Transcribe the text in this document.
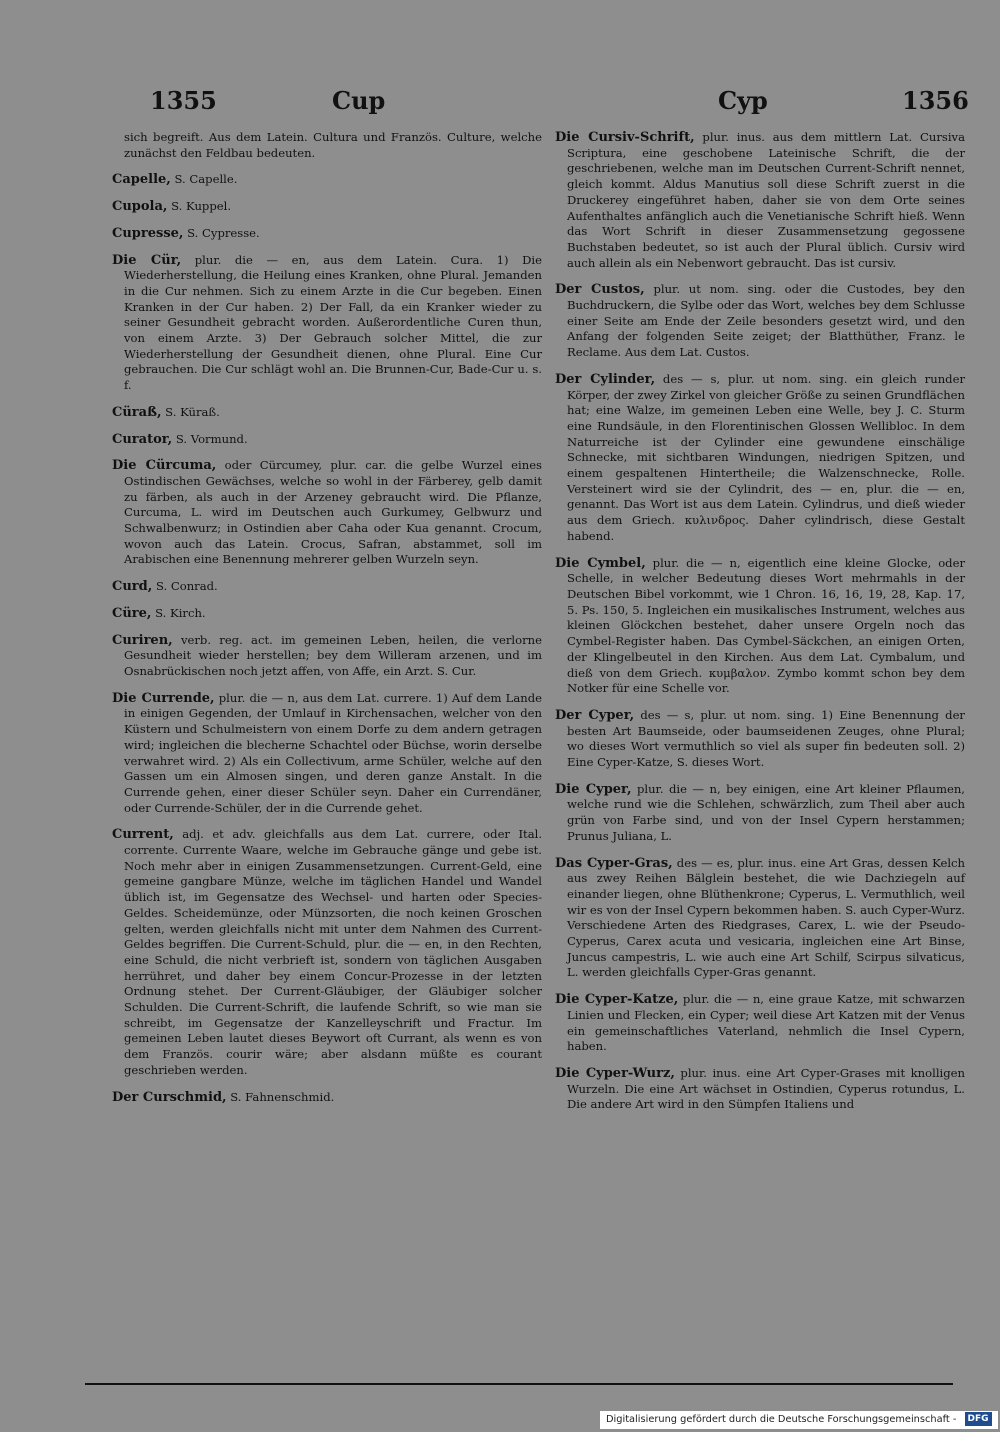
1355	Cup	Cyp	1356

sich begreift. Aus dem Latein. Cultura und Französ. Culture, welche zunächst den Feldbau bedeuten.

Capelle, S. Capelle.

Cupola, S. Kuppel.

Cupresse, S. Cypresse.

Die Cür, plur. die — en, aus dem Latein. Cura. 1) Die Wiederherstellung, die Heilung eines Kranken, ohne Plural. Jemanden in die Cur nehmen. Sich zu einem Arzte in die Cur begeben. Einen Kranken in der Cur haben. 2) Der Fall, da ein Kranker wieder zu seiner Gesundheit gebracht worden. Außerordentliche Curen thun, von einem Arzte. 3) Der Gebrauch solcher Mittel, die zur Wiederherstellung der Gesundheit dienen, ohne Plural. Eine Cur gebrauchen. Die Cur schlägt wohl an. Die Brunnen-Cur, Bade-Cur u. s. f.

Cüraß, S. Küraß.

Curator, S. Vormund.

Die Cürcuma, oder Cürcumey, plur. car. die gelbe Wurzel eines Ostindischen Gewächses, welche so wohl in der Färberey, gelb damit zu färben, als auch in der Arzeney gebraucht wird. Die Pflanze, Curcuma, L. wird im Deutschen auch Gurkumey, Gelbwurz und Schwalbenwurz; in Ostindien aber Caha oder Kua genannt. Crocum, wovon auch das Latein. Crocus, Safran, abstammet, soll im Arabischen eine Benennung mehrerer gelben Wurzeln seyn.

Curd, S. Conrad.

Cüre, S. Kirch.

Curiren, verb. reg. act. im gemeinen Leben, heilen, die verlorne Gesundheit wieder herstellen; bey dem Willeram arzenen, und im Osnabrückischen noch jetzt affen, von Affe, ein Arzt. S. Cur.

Die Currende, plur. die — n, aus dem Lat. currere. 1) Auf dem Lande in einigen Gegenden, der Umlauf in Kirchensachen, welcher von den Küstern und Schulmeistern von einem Dorfe zu dem andern getragen wird; ingleichen die blecherne Schachtel oder Büchse, worin derselbe verwahret wird. 2) Als ein Collectivum, arme Schüler, welche auf den Gassen um ein Almosen singen, und deren ganze Anstalt. In die Currende gehen, einer dieser Schüler seyn. Daher ein Currendäner, oder Currende-Schüler, der in die Currende gehet.

Current, adj. et adv. gleichfalls aus dem Lat. currere, oder Ital. corrente. Currente Waare, welche im Gebrauche gänge und gebe ist. Noch mehr aber in einigen Zusammensetzungen. Current-Geld, eine gemeine gangbare Münze, welche im täglichen Handel und Wandel üblich ist, im Gegensatze des Wechsel- und harten oder Species-Geldes. Scheidemünze, oder Münzsorten, die noch keinen Groschen gelten, werden gleichfalls nicht mit unter dem Nahmen des Current-Geldes begriffen. Die Current-Schuld, plur. die — en, in den Rechten, eine Schuld, die nicht verbrieft ist, sondern von täglichen Ausgaben herrühret, und daher bey einem Concur-Prozesse in der letzten Ordnung stehet. Der Current-Gläubiger, der Gläubiger solcher Schulden. Die Current-Schrift, die laufende Schrift, so wie man sie schreibt, im Gegensatze der Kanzelleyschrift und Fractur. Im gemeinen Leben lautet dieses Beywort oft Currant, als wenn es von dem Französ. courir wäre; aber alsdann müßte es courant geschrieben werden.

Der Curschmid, S. Fahnenschmid.

Die Cursiv-Schrift, plur. inus. aus dem mittlern Lat. Cursiva Scriptura, eine geschobene Lateinische Schrift, die der geschriebenen, welche man im Deutschen Current-Schrift nennet, gleich kommt. Aldus Manutius soll diese Schrift zuerst in die Druckerey eingeführet haben, daher sie von dem Orte seines Aufenthaltes anfänglich auch die Venetianische Schrift hieß. Wenn das Wort Schrift in dieser Zusammensetzung gegossene Buchstaben bedeutet, so ist auch der Plural üblich. Cursiv wird auch allein als ein Nebenwort gebraucht. Das ist cursiv.

Der Custos, plur. ut nom. sing. oder die Custodes, bey den Buchdruckern, die Sylbe oder das Wort, welches bey dem Schlusse einer Seite am Ende der Zeile besonders gesetzt wird, und den Anfang der folgenden Seite zeiget; der Blatthüther, Franz. le Reclame. Aus dem Lat. Custos.

Der Cylinder, des — s, plur. ut nom. sing. ein gleich runder Körper, der zwey Zirkel von gleicher Größe zu seinen Grundflächen hat; eine Walze, im gemeinen Leben eine Welle, bey J. C. Sturm eine Rundsäule, in den Florentinischen Glossen Wellibloc. In dem Naturreiche ist der Cylinder eine gewundene einschälige Schnecke, mit sichtbaren Windungen, niedrigen Spitzen, und einem gespaltenen Hintertheile; die Walzenschnecke, Rolle. Versteinert wird sie der Cylindrit, des — en, plur. die — en, genannt. Das Wort ist aus dem Latein. Cylindrus, und dieß wieder aus dem Griech. κυλινδρος. Daher cylindrisch, diese Gestalt habend.

Die Cymbel, plur. die — n, eigentlich eine kleine Glocke, oder Schelle, in welcher Bedeutung dieses Wort mehrmahls in der Deutschen Bibel vorkommt, wie 1 Chron. 16, 16, 19, 28, Kap. 17, 5. Ps. 150, 5. Ingleichen ein musikalisches Instrument, welches aus kleinen Glöckchen bestehet, daher unsere Orgeln noch das Cymbel-Register haben. Das Cymbel-Säckchen, an einigen Orten, der Klingelbeutel in den Kirchen. Aus dem Lat. Cymbalum, und dieß von dem Griech. κυμβαλον. Zymbo kommt schon bey dem Notker für eine Schelle vor.

Der Cyper, des — s, plur. ut nom. sing. 1) Eine Benennung der besten Art Baumseide, oder baumseidenen Zeuges, ohne Plural; wo dieses Wort vermuthlich so viel als super fin bedeuten soll. 2) Eine Cyper-Katze, S. dieses Wort.

Die Cyper, plur. die — n, bey einigen, eine Art kleiner Pflaumen, welche rund wie die Schlehen, schwärzlich, zum Theil aber auch grün von Farbe sind, und von der Insel Cypern herstammen; Prunus Juliana, L.

Das Cyper-Gras, des — es, plur. inus. eine Art Gras, dessen Kelch aus zwey Reihen Bälglein bestehet, die wie Dachziegeln auf einander liegen, ohne Blüthenkrone; Cyperus, L. Vermuthlich, weil wir es von der Insel Cypern bekommen haben. S. auch Cyper-Wurz. Verschiedene Arten des Riedgrases, Carex, L. wie der Pseudo-Cyperus, Carex acuta und vesicaria, ingleichen eine Art Binse, Juncus campestris, L. wie auch eine Art Schilf, Scirpus silvaticus, L. werden gleichfalls Cyper-Gras genannt.

Die Cyper-Katze, plur. die — n, eine graue Katze, mit schwarzen Linien und Flecken, ein Cyper; weil diese Art Katzen mit der Venus ein gemeinschaftliches Vaterland, nehmlich die Insel Cypern, haben.

Die Cyper-Wurz, plur. inus. eine Art Cyper-Grases mit knolligen Wurzeln. Die eine Art wächset in Ostindien, Cyperus rotundus, L. Die andere Art wird in den Sümpfen Italiens und

Digitalisierung gefördert durch die Deutsche Forschungsgemeinschaft - DFG
